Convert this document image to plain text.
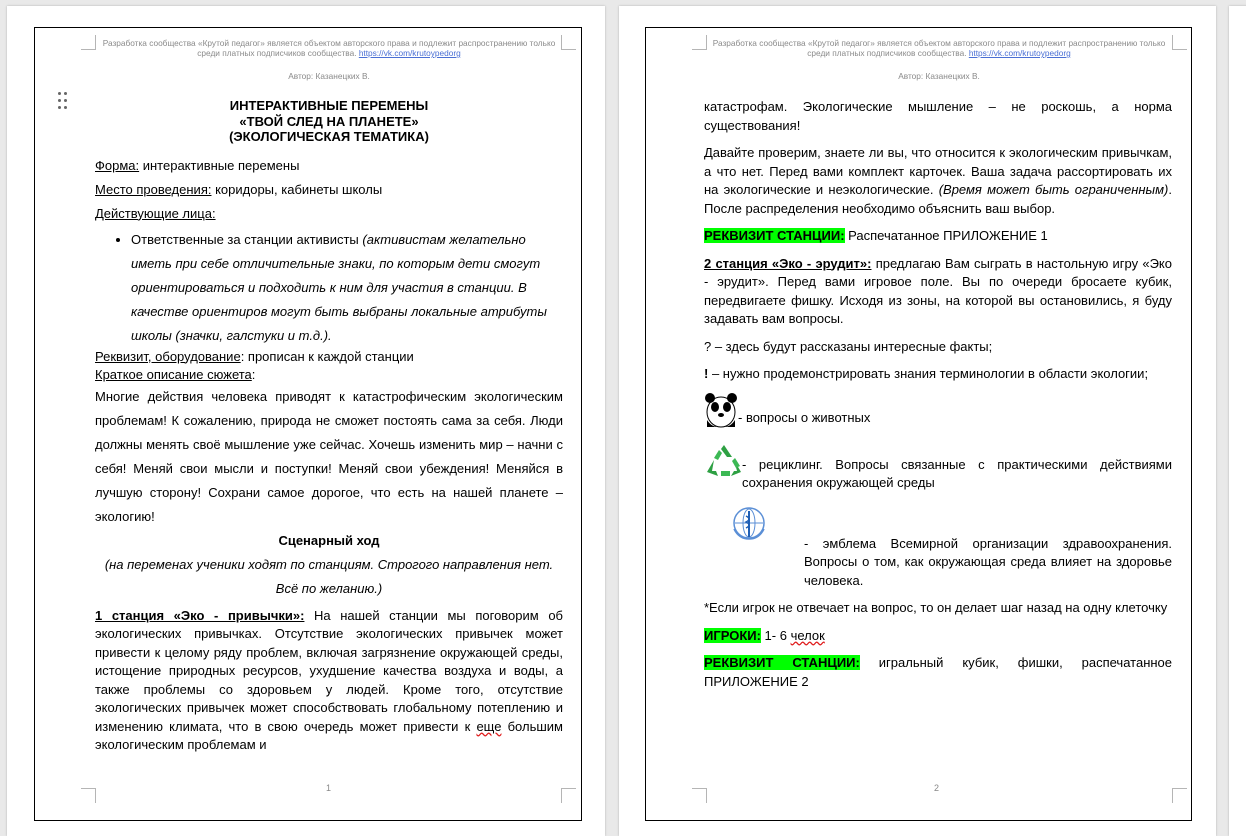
Разработка сообщества «Крутой педагог» является объектом авторского права и подлежит распространению только среди платных подписчиков сообщества. https://vk.com/krutoypedorg
Автор: Казанецких В.
ИНТЕРАКТИВНЫЕ ПЕРЕМЕНЫ
«ТВОЙ СЛЕД НА ПЛАНЕТЕ»
(ЭКОЛОГИЧЕСКАЯ ТЕМАТИКА)

Форма: интерактивные перемены

Место проведения: коридоры, кабинеты школы

Действующие лица:

• Ответственные за станции активисты (активистам желательно иметь при себе отличительные знаки, по которым дети смогут ориентироваться и подходить к ним для участия в станции. В качестве ориентиров могут быть выбраны локальные атрибуты школы (значки, галстуки и т.д.).

Реквизит, оборудование: прописан к каждой станции

Краткое описание сюжета:

Многие действия человека приводят к катастрофическим экологическим проблемам! К сожалению, природа не сможет постоять сама за себя. Люди должны менять своё мышление уже сейчас. Хочешь изменить мир – начни с себя! Меняй свои мысли и поступки! Меняй свои убеждения! Меняйся в лучшую сторону! Сохрани самое дорогое, что есть на нашей планете – экологию!

Сценарный ход

(на переменах ученики ходят по станциям. Строгого направления нет. Всё по желанию.)

1 станция «Эко - привычки»: На нашей станции мы поговорим об экологических привычках. Отсутствие экологических привычек может привести к целому ряду проблем, включая загрязнение окружающей среды, истощение природных ресурсов, ухудшение качества воздуха и воды, а также проблемы со здоровьем у людей. Кроме того, отсутствие экологических привычек может способствовать глобальному потеплению и изменению климата, что в свою очередь может привести к еще большим экологическим проблемам и

1
Разработка сообщества «Крутой педагог» является объектом авторского права и подлежит распространению только среди платных подписчиков сообщества. https://vk.com/krutoypedorg
Автор: Казанецких В.

катастрофам. Экологические мышление – не роскошь, а норма существования!

Давайте проверим, знаете ли вы, что относится к экологическим привычкам, а что нет. Перед вами комплект карточек. Ваша задача рассортировать их на экологические и неэкологические. (Время может быть ограниченным). После распределения необходимо объяснить ваш выбор.

РЕКВИЗИТ СТАНЦИИ: Распечатанное ПРИЛОЖЕНИЕ 1

2 станция «Эко - эрудит»: предлагаю Вам сыграть в настольную игру «Эко - эрудит». Перед вами игровое поле. Вы по очереди бросаете кубик, передвигаете фишку. Исходя из зоны, на которой вы остановились, я буду задавать вам вопросы.

? – здесь будут рассказаны интересные факты;

! – нужно продемонстрировать знания терминологии в области экологии;

- вопросы о животных
- рециклинг. Вопросы связанные с практическими действиями сохранения окружающей среды
- эмблема Всемирной организации здравоохранения. Вопросы о том, как окружающая среда влияет на здоровье человека.

*Если игрок не отвечает на вопрос, то он делает шаг назад на одну клеточку

ИГРОКИ: 1- 6 челок

РЕКВИЗИТ СТАНЦИИ: игральный кубик, фишки, распечатанное ПРИЛОЖЕНИЕ 2

2
